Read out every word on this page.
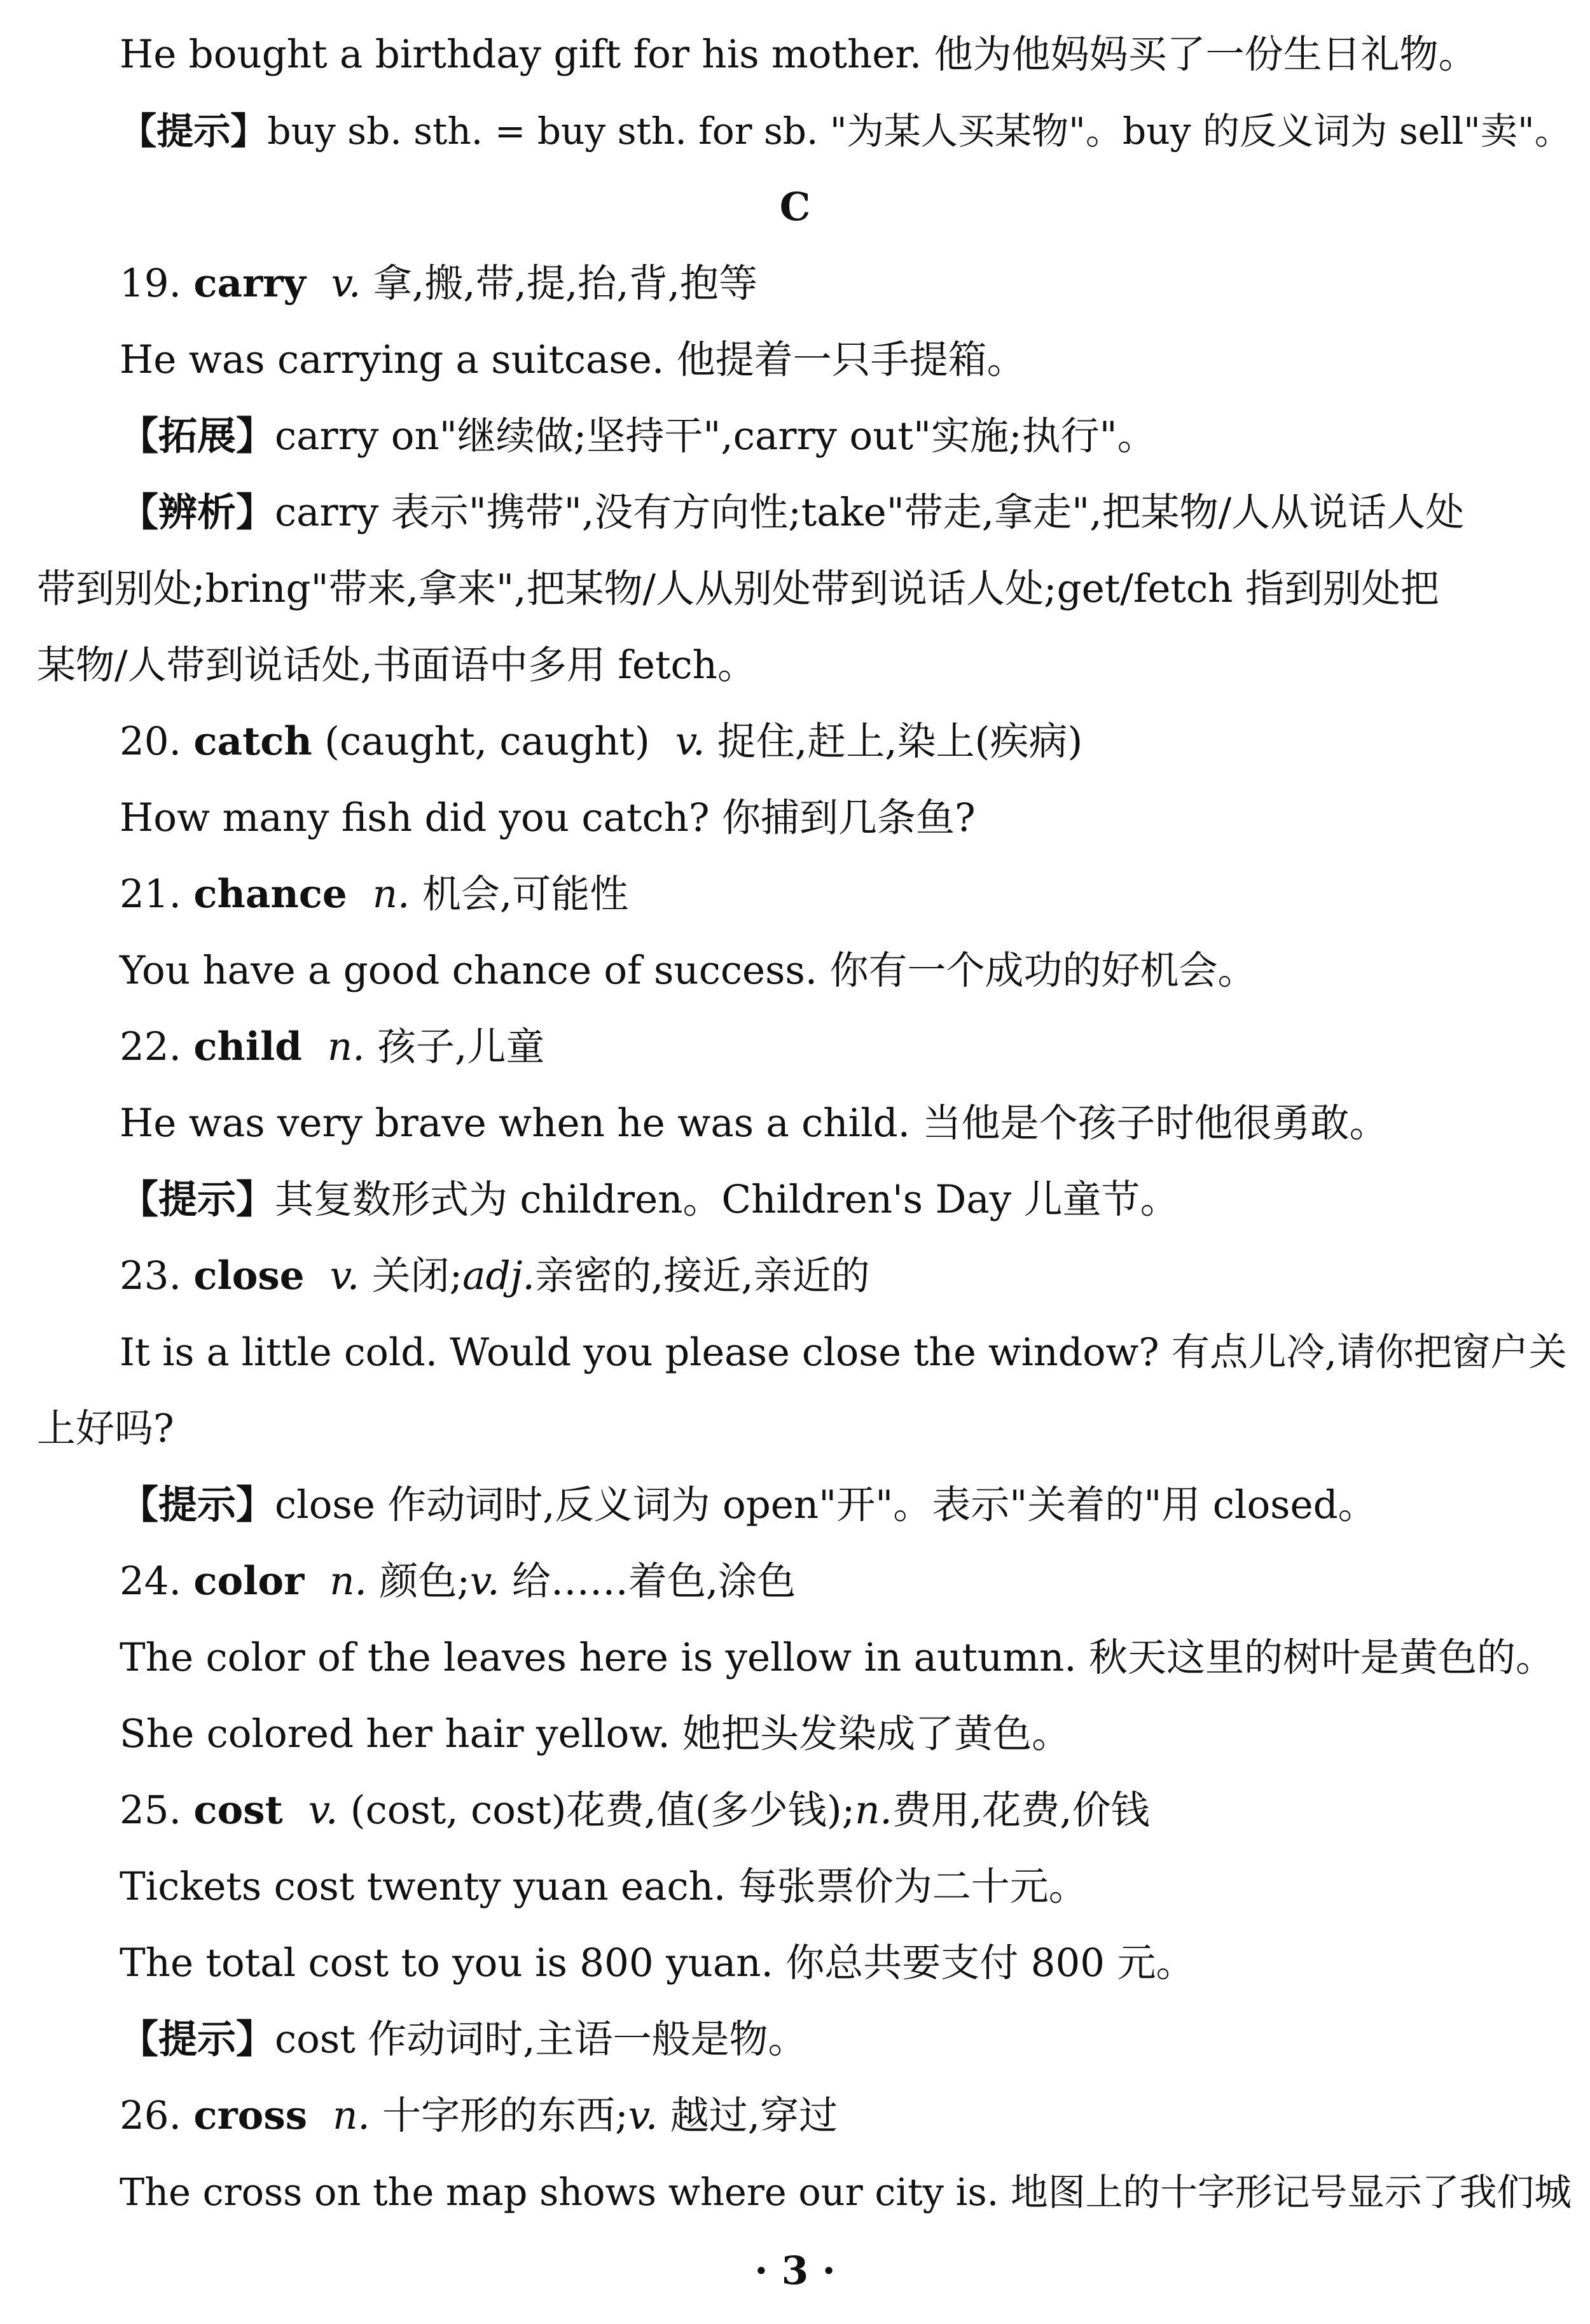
He bought a birthday gift for his mother. 他为他妈妈买了一份生日礼物。
【提示】buy sb. sth. = buy sth. for sb. "为某人买某物"。buy 的反义词为 sell"卖"。
C
19. carry v. 拿,搬,带,提,抬,背,抱等
He was carrying a suitcase. 他提着一只手提箱。
【拓展】carry on"继续做;坚持干",carry out"实施;执行"。
【辨析】carry 表示"携带",没有方向性;take"带走,拿走",把某物/人从说话人处
带到别处;bring"带来,拿来",把某物/人从别处带到说话人处;get/fetch 指到别处把
某物/人带到说话处,书面语中多用 fetch。
20. catch (caught, caught) v. 捉住,赶上,染上(疾病)
How many fish did you catch? 你捕到几条鱼?
21. chance n. 机会,可能性
You have a good chance of success. 你有一个成功的好机会。
22. child n. 孩子,儿童
He was very brave when he was a child. 当他是个孩子时他很勇敢。
【提示】其复数形式为 children。Children's Day 儿童节。
23. close v. 关闭;adj.亲密的,接近,亲近的
It is a little cold. Would you please close the window? 有点儿冷,请你把窗户关
上好吗?
【提示】close 作动词时,反义词为 open"开"。表示"关着的"用 closed。
24. color n. 颜色;v. 给……着色,涂色
The color of the leaves here is yellow in autumn. 秋天这里的树叶是黄色的。
She colored her hair yellow. 她把头发染成了黄色。
25. cost v. (cost, cost)花费,值(多少钱);n.费用,花费,价钱
Tickets cost twenty yuan each. 每张票价为二十元。
The total cost to you is 800 yuan. 你总共要支付 800 元。
【提示】cost 作动词时,主语一般是物。
26. cross n. 十字形的东西;v. 越过,穿过
The cross on the map shows where our city is. 地图上的十字形记号显示了我们城
· 3 ·
